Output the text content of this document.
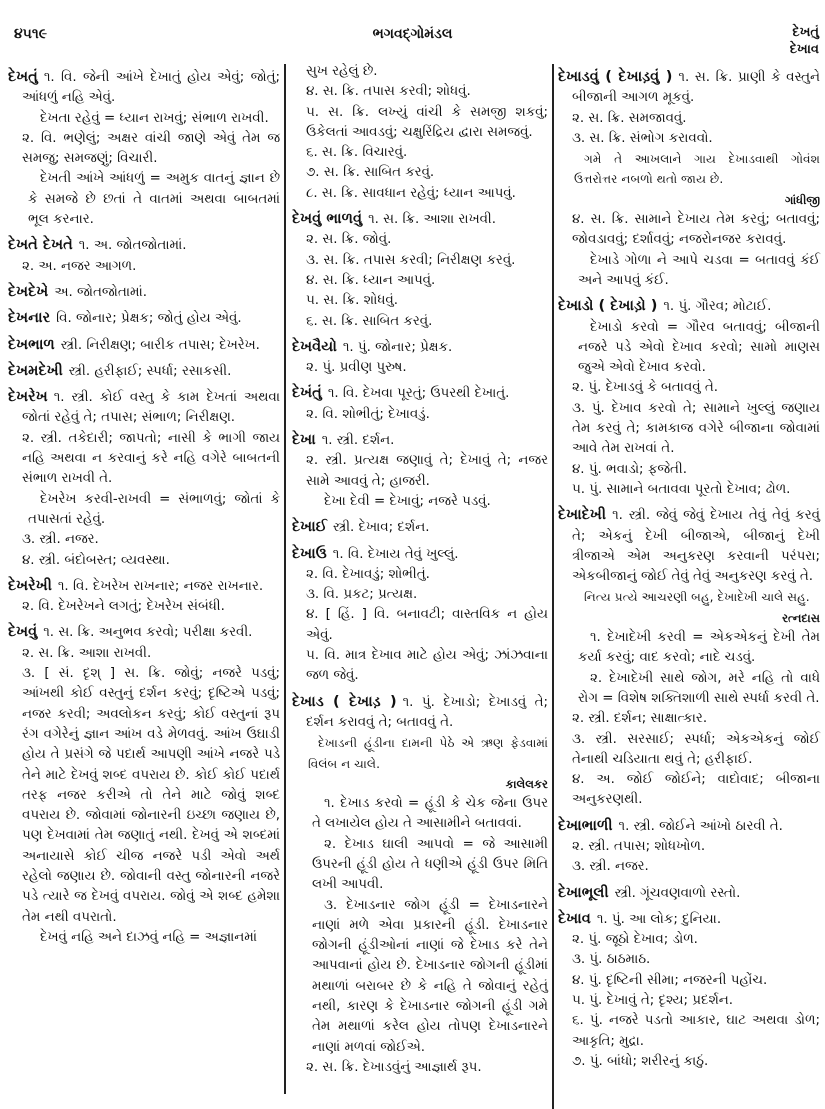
૪૫૧૯	ભગવદ્ગોમંડલ	દેખતું
દેખાવ

દેખતું ૧. વિ. જેની આંખે દેખાતું હોય એવું; જોતું; આંધળું નહિ એવું.

દેખતા રહેવું = ધ્યાન રાખવું; સંભાળ રાખવી.

૨. વિ. ભણેલું; અક્ષર વાંચી જાણે એવું તેમ જ સમજુ; સમજણું; વિચારી.

દેખતી આંખે આંધળું = અમુક વાતનું જ્ઞાન છે કે સમજે છે છતાં તે વાતમાં અથવા બાબતમાં ભૂલ કરનાર.

દેખતે દેખતે ૧. અ. જોતજોતામાં.

૨. અ. નજર આગળ.

દેખદેખે અ. જોતજોતામાં.

દેખનાર વિ. જોનાર; પ્રેક્ષક; જોતું હોય એવું.

દેખભાળ સ્ત્રી. નિરીક્ષણ; બારીક તપાસ; દેખરેખ.

દેખમદેખી સ્ત્રી. હરીફાઈ; સ્પર્ધા; રસાકસી.

દેખરેખ ૧. સ્ત્રી. કોઈ વસ્તુ કે કામ દેખતાં અથવા જોતાં રહેવું તે; તપાસ; સંભાળ; નિરીક્ષણ.

૨. સ્ત્રી. તકેદારી; જાપતો; નાસી કે ભાગી જાય નહિ અથવા ન કરવાનું કરે નહિ વગેરે બાબતની સંભાળ રાખવી તે.

દેખરેખ કરવી-રાખવી = સંભાળવું; જોતાં કે તપાસતાં રહેવું.

૩. સ્ત્રી. નજર.

૪. સ્ત્રી. બંદોબસ્ત; વ્યવસ્થા.

દેખરેખી ૧. વિ. દેખરેખ રાખનાર; નજર રાખનાર.

૨. વિ. દેખરેખને લગતું; દેખરેખ સંબંધી.

દેખવું ૧. સ. ક્રિ. અનુભવ કરવો; પરીક્ષા કરવી.

૨. સ. ક્રિ. આશા રાખવી.

૩. [ સં. દૃશ્ ] સ. ક્રિ. જોવું; નજરે પડવું; આંખથી કોઈ વસ્તુનું દર્શન કરવું; દૃષ્ટિએ પડવું; નજર કરવી; અવલોકન કરવું; કોઈ વસ્તુનાં રૂપ રંગ વગેરેનું જ્ઞાન આંખ વડે મેળવવું. આંખ ઉઘાડી હોય તે પ્રસંગે જે પદાર્થ આપણી આંખે નજરે પડે તેને માટે દેખવું શબ્દ વપરાય છે. કોઈ કોઈ પદાર્થ તરફ નજર કરીએ તો તેને માટે જોવું શબ્દ વપરાય છે. જોવામાં જોનારની ઇચ્છા જણાય છે, પણ દેખવામાં તેમ જણાતું નથી. દેખવું એ શબ્દમાં અનાયાસે કોઈ ચીજ નજરે પડી એવો અર્થ રહેલો જણાય છે. જોવાની વસ્તુ જોનારની નજરે પડે ત્યારે જ દેખવું વપરાય. જોવું એ શબ્દ હમેશા તેમ નથી વપરાતો.

દેખવું નહિ અને દાઝવું નહિ = અજ્ઞાનમાં

સુખ રહેલું છે.

૪. સ. ક્રિ. તપાસ કરવી; શોધવું.

૫. સ. ક્રિ. લખ્યું વાંચી કે સમજી શકવું; ઉકેલતાં આવડવું; ચક્ષુરિંદ્રિય દ્વારા સમજવું.

૬. સ. ક્રિ. વિચારવું.

૭. સ. ક્રિ. સાબિત કરવું.

૮. સ. ક્રિ. સાવધાન રહેવું; ધ્યાન આપવું.

દેખવું ભાળવું ૧. સ. ક્રિ. આશા રાખવી.

૨. સ. ક્રિ. જોવું.

૩. સ. ક્રિ. તપાસ કરવી; નિરીક્ષણ કરવું.

૪. સ. ક્રિ. ધ્યાન આપવું.

૫. સ. ક્રિ. શોધવું.

૬. સ. ક્રિ. સાબિત કરવું.

દેખવૈયો ૧. પું. જોનાર; પ્રેક્ષક.

૨. પું. પ્રવીણ પુરુષ.

દેખંતું ૧. વિ. દેખવા પૂરતું; ઉપરથી દેખાતું.

૨. વિ. શોભીતું; દેખાવડું.

દેખા ૧. સ્ત્રી. દર્શન.

૨. સ્ત્રી. પ્રત્યક્ષ જણાવું તે; દેખાવું તે; નજર સામે આવવું તે; હાજરી.

દેખા દેવી = દેખાવું; નજરે પડવું.

દેખાઈ સ્ત્રી. દેખાવ; દર્શન.

દેખાઉ ૧. વિ. દેખાય તેવું ખુલ્લું.

૨. વિ. દેખાવડું; શોભીતું.

૩. વિ. પ્રકટ; પ્રત્યક્ષ.

૪. [ હિં. ] વિ. બનાવટી; વાસ્તવિક ન હોય એવું.

૫. વિ. માત્ર દેખાવ માટે હોય એવું; ઝાંઝવાના જળ જેવું.

દેખાડ ( દેખાડ઼ ) ૧. પું. દેખાડો; દેખાડવું તે; દર્શન કરાવવું તે; બતાવવું તે.

દેખાડની હૂંડીના દામની પેઠે એ ઋણ ફેડવામાં વિલંબ ન ચાલે.
કાલેલકર

૧. દેખાડ કરવો = હૂંડી કે ચેક જેના ઉપર તે લખાયેલ હોય તે આસામીને બતાવવાં.

૨. દેખાડ ઘાલી આપવો = જે આસામી ઉપરની હૂંડી હોય તે ધણીએ હૂંડી ઉપર મિતિ લખી આપવી.

૩. દેખાડનાર જોગ હૂંડી = દેખાડનારને નાણાં મળે એવા પ્રકારની હૂંડી. દેખાડનાર જોગની હૂંડીઓનાં નાણાં જે દેખાડ કરે તેને આપવાનાં હોય છે. દેખાડનાર જોગની હૂંડીમાં મથાળાં બરાબર છે કે નહિ તે જોવાનું રહેતું નથી, કારણ કે દેખાડનાર જોગની હૂંડી ગમે તેમ મથાળાં કરેલ હોય તોપણ દેખાડનારને નાણાં મળવાં જોઈએ.

૨. સ. ક્રિ. દેખાડવુંનું આજ્ઞાર્થ રૂપ.

દેખાડવું ( દેખાડ઼વું ) ૧. સ. ક્રિ. પ્રાણી કે વસ્તુને બીજાની આગળ મૂકવું.

૨. સ. ક્રિ. સમજાવવું.

૩. સ. ક્રિ. સંભોગ કરાવવો.

ગમે તે આખલાને ગાય દેખાડવાથી ગોવંશ ઉત્તરોત્તર નબળો થતો જાય છે.
ગાંધીજી

૪. સ. ક્રિ. સામાને દેખાય તેમ કરવું; બતાવવું; જોવડાવવું; દર્શાવવું; નજરોનજર કરાવવું.

દેખાડે ગોળા ને આપે ચડવા = બતાવવું કંઈ અને આપવું કંઈ.

દેખાડો ( દેખાડ઼ો ) ૧. પું. ગૌરવ; મોટાઈ.

દેખાડો કરવો = ગૌરવ બતાવવું; બીજાની નજરે પડે એવો દેખાવ કરવો; સામો માણસ જુએ એવો દેખાવ કરવો.

૨. પું. દેખાડવું કે બતાવવું તે.

૩. પું. દેખાવ કરવો તે; સામાને ખુલ્લું જણાય તેમ કરવું તે; કામકાજ વગેરે બીજાના જોવામાં આવે તેમ રાખવાં તે.

૪. પું. ભવાડો; ફજેતી.

૫. પું. સામાને બતાવવા પૂરતો દેખાવ; ઢોળ.

દેખાદેખી ૧. સ્ત્રી. જેવું જેવું દેખાય તેવું તેવું કરવું તે; એકનું દેખી બીજાએ, બીજાનું દેખી ત્રીજાએ એમ અનુકરણ કરવાની પરંપરા; એકબીજાનું જોઈ તેવું તેવું અનુકરણ કરવું તે.

નિત્ય પ્રત્યે આચરણી બહુ, દેખાદેખી ચાલે સહુ.
રત્નદાસ

૧. દેખાદેખી કરવી = એકએકનું દેખી તેમ કર્યા કરવું; વાદ કરવો; નાદે ચડવું.

૨. દેખાદેખી સાથે જોગ, મરે નહિ તો વાધે રોગ = વિશેષ શક્તિશાળી સાથે સ્પર્ધા કરવી તે.

૨. સ્ત્રી. દર્શન; સાક્ષાત્કાર.

૩. સ્ત્રી. સરસાઈ; સ્પર્ધા; એકએકનું જોઈ તેનાથી ચડિયાતા થવું તે; હરીફાઈ.

૪. અ. જોઈ જોઈને; વાદોવાદ; બીજાના અનુકરણથી.

દેખાભાળી ૧. સ્ત્રી. જોઈને આંખો ઠારવી તે.

૨. સ્ત્રી. તપાસ; શોધખોળ.

૩. સ્ત્રી. નજર.

દેખાભૂલી સ્ત્રી. ગૂંચવણવાળો રસ્તો.

દેખાવ ૧. પું. આ લોક; દુનિયા.

૨. પું. જૂઠો દેખાવ; ડોળ.

૩. પું. ઠાઠમાઠ.

૪. પું. દૃષ્ટિની સીમા; નજરની પહોંચ.

૫. પું. દેખાવું તે; દૃશ્ય; પ્રદર્શન.

૬. પું. નજરે પડતો આકાર, ઘાટ અથવા ડોળ; આકૃતિ; મુદ્રા.

૭. પું. બાંધો; શરીરનું કાઠું.
